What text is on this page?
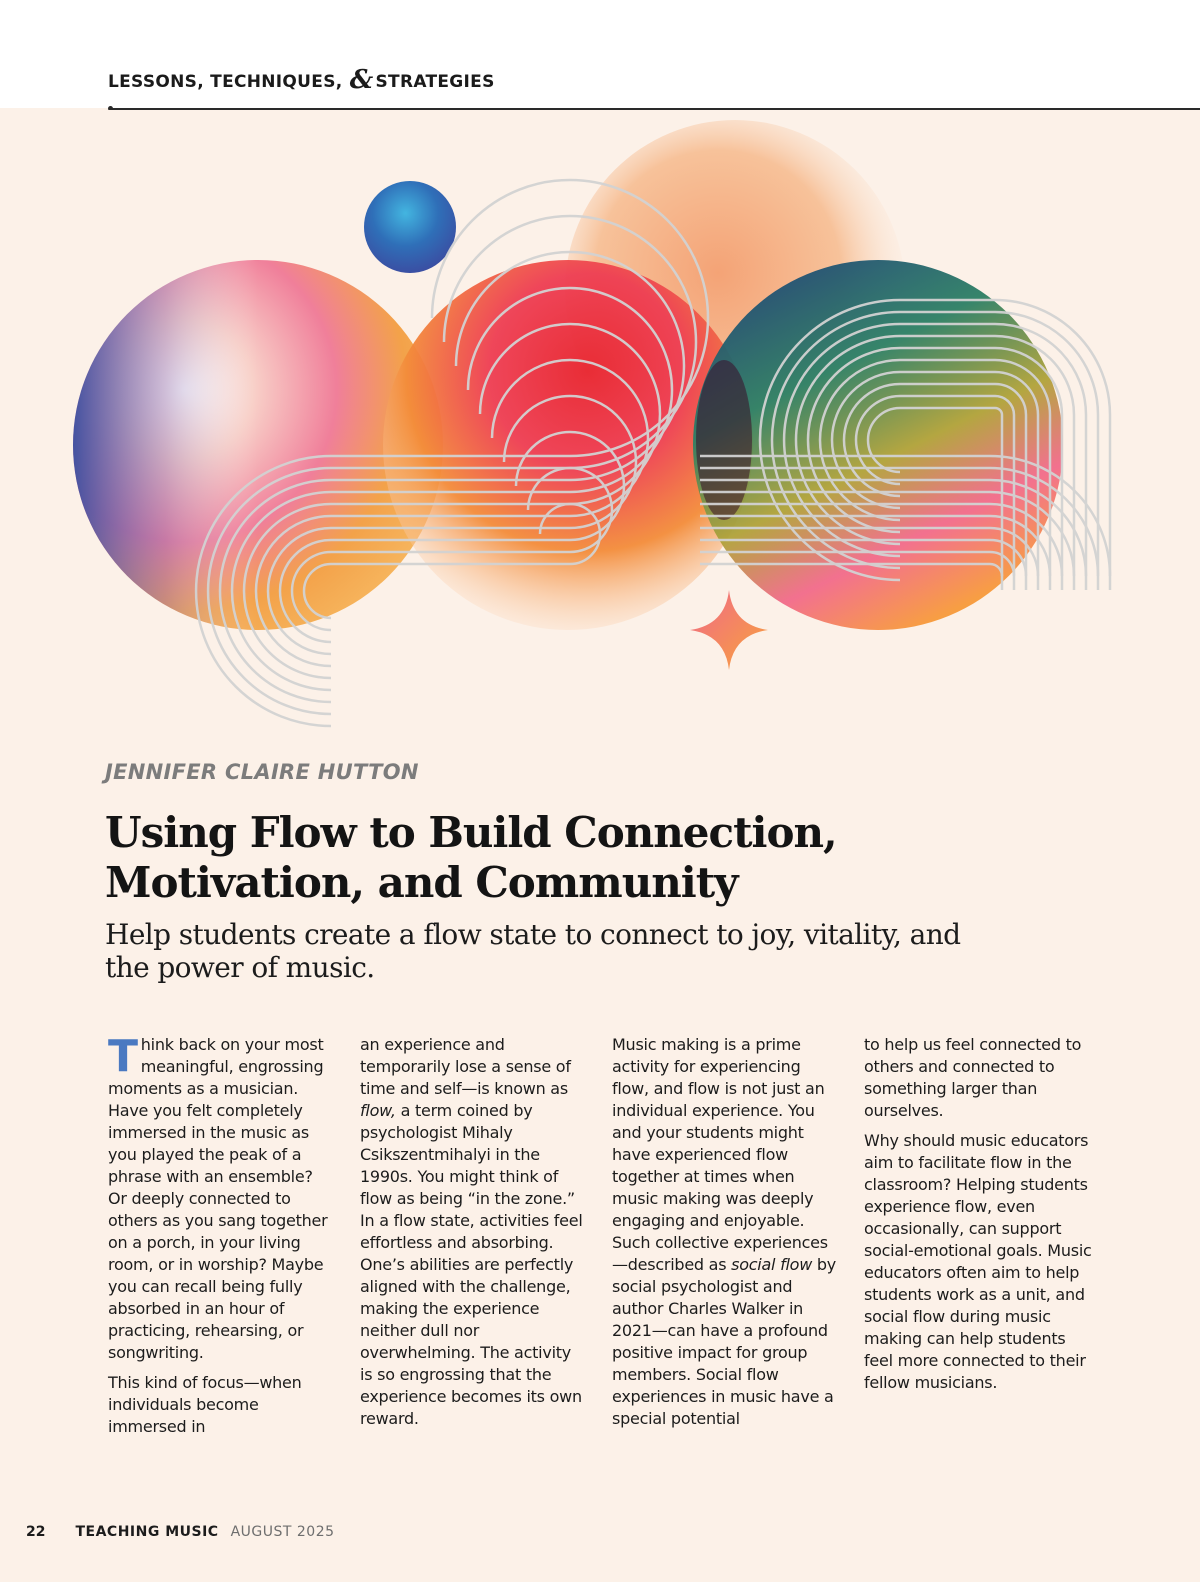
LESSONS, TECHNIQUES, & STRATEGIES
JENNIFER CLAIRE HUTTON
Using Flow to Build Connection, Motivation, and Community

Help students create a flow state to connect to joy, vitality, and the power of music.

Think back on your most meaningful, engrossing moments as a musician. Have you felt completely immersed in the music as you played the peak of a phrase with an ensemble? Or deeply connected to others as you sang together on a porch, in your living room, or in worship? Maybe you can recall being fully absorbed in an hour of practicing, rehearsing, or songwriting.

This kind of focus—when individuals become immersed in

an experience and temporarily lose a sense of time and self—is known as flow, a term coined by psychologist Mihaly Csikszentmihalyi in the 1990s. You might think of flow as being “in the zone.” In a flow state, activities feel effortless and absorbing. One’s abilities are perfectly aligned with the challenge, making the experience neither dull nor overwhelming. The activity is so engrossing that the experience becomes its own reward.

Music making is a prime activity for experiencing flow, and flow is not just an individual experience. You and your students might have experienced flow together at times when music making was deeply engaging and enjoyable. Such collective experiences—described as social flow by social psychologist and author Charles Walker in 2021—can have a profound positive impact for group members. Social flow experiences in music have a special potential

to help us feel connected to others and connected to something larger than ourselves.

Why should music educators aim to facilitate flow in the classroom? Helping students experience flow, even occasionally, can support social-emotional goals. Music educators often aim to help students work as a unit, and social flow during music making can help students feel more connected to their fellow musicians.

22 TEACHING MUSIC AUGUST 2025
